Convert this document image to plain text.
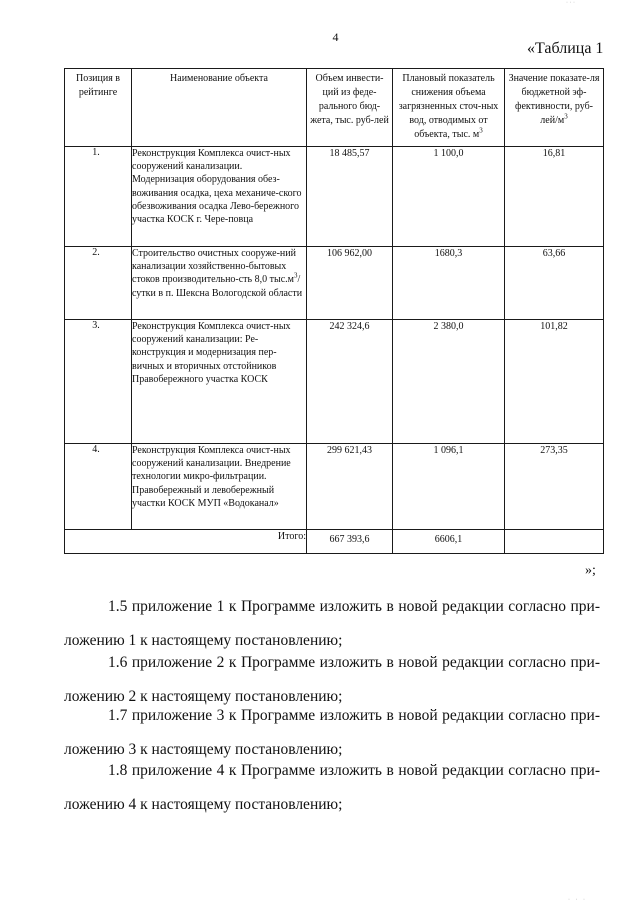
4
«Таблица 1
Позиция в рейтинге	Наименование объекта	Объем инвести-ций из феде-рального бюд-жета, тыс. руб-лей	Плановый показатель снижения объема загрязненных сточ-ных вод, отводимых от объекта, тыс. $м^3$	Значение показате-ля бюджетной эф-фективности, руб-$лей/м^3$

1.	Реконструкция Комплекса очист-ных сооружений канализации. Модернизация оборудования обез-воживания осадка, цеха механиче-ского обезвоживания осадка Лево-бережного участка КОСК г. Чере-повца	18 485,57	1 100,0	16,81

2.	Строительство очистных сооруже-ний канализации хозяйственно-бытовых стоков производительно-сть 8,0 $тыс.м^3$/сутки в п. Шексна Вологодской области	106 962,00	1680,3	63,66

3.	Реконструкция Комплекса очист-ных сооружений канализации: Ре-конструкция и модернизация пер-вичных и вторичных отстойников Правобережного участка КОСК	242 324,6	2 380,0	101,82

4.	Реконструкция Комплекса очист-ных сооружений канализации. Внедрение технологии микро-фильтрации. Правобережный и левобережный участки КОСК МУП «Водоканал»	299 621,43	1 096,1	273,35
Итого:		667 393,6	6606,1	
»;
1.5 приложение 1 к Программе изложить в новой редакции согласно при-
ложению 1 к настоящему постановлению;
1.6 приложение 2 к Программе изложить в новой редакции согласно при-
ложению 2 к настоящему постановлению;
1.7 приложение 3 к Программе изложить в новой редакции согласно при-
ложению 3 к настоящему постановлению;
1.8 приложение 4 к Программе изложить в новой редакции согласно при-
ложению 4 к настоящему постановлению;
· · ·
· · ·
